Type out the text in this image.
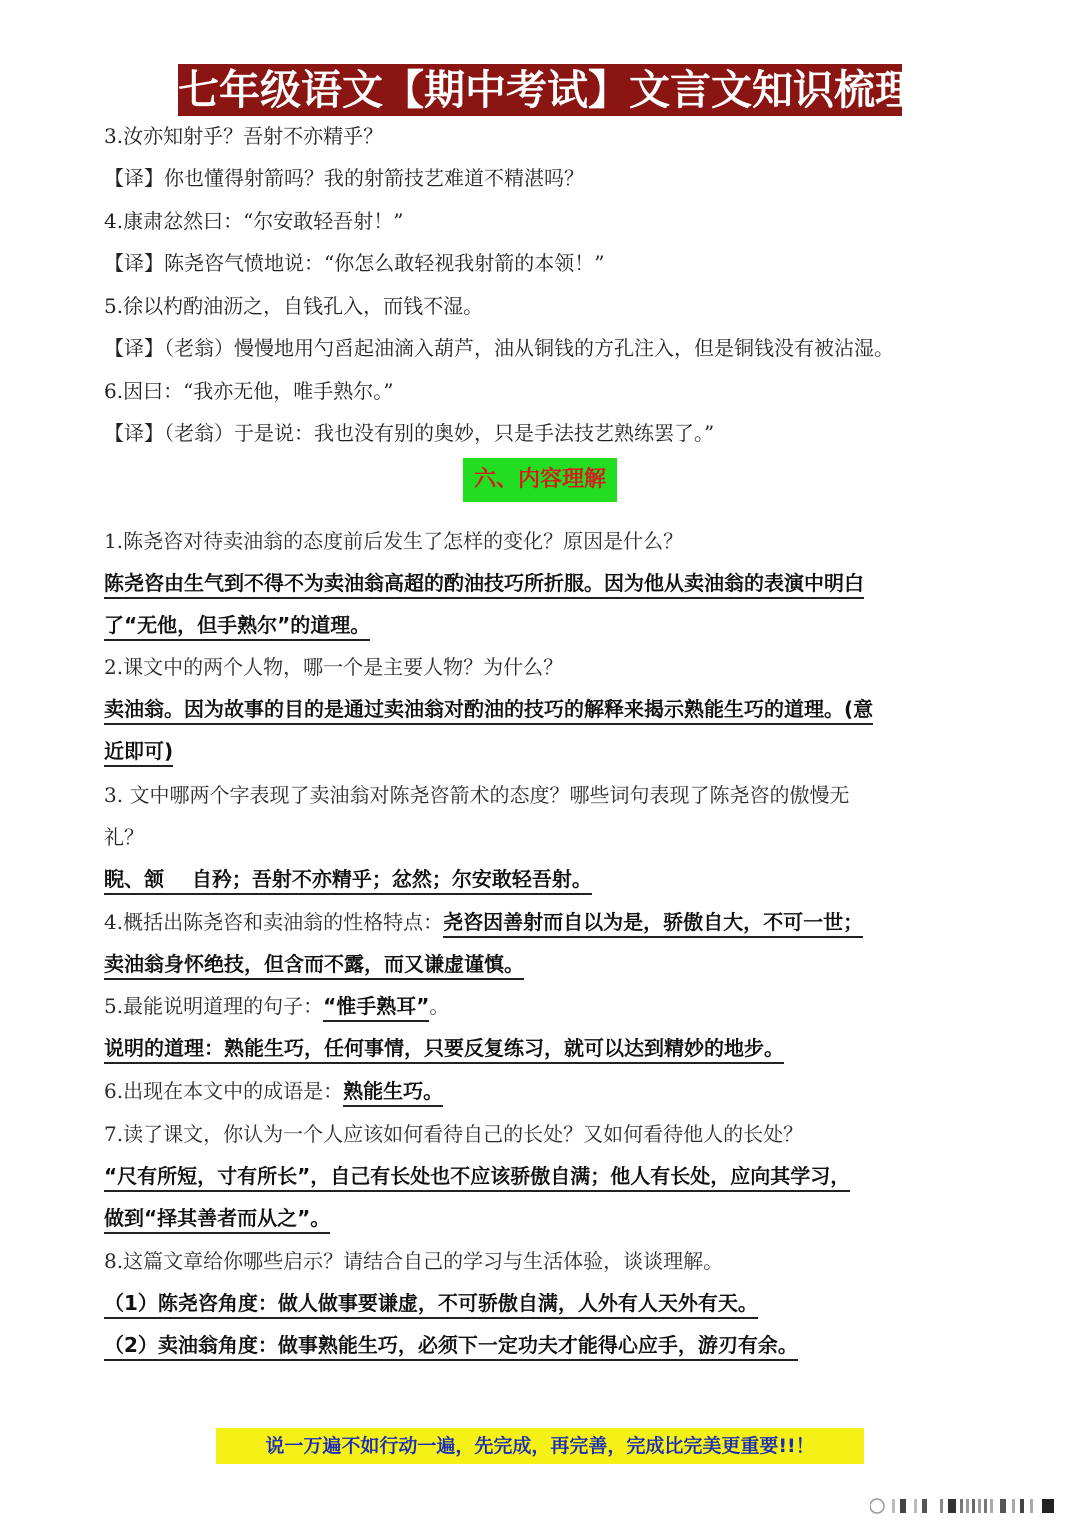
七年级语文【期中考试】文言文知识梳理
3.汝亦知射乎？吾射不亦精乎？
【译】你也懂得射箭吗？我的射箭技艺难道不精湛吗？
4.康肃忿然曰：“尔安敢轻吾射！”
【译】陈尧咨气愤地说：“你怎么敢轻视我射箭的本领！”
5.徐以杓酌油沥之，自钱孔入，而钱不湿。
【译】（老翁）慢慢地用勺舀起油滴入葫芦，油从铜钱的方孔注入，但是铜钱没有被沾湿。
6.因曰：“我亦无他，唯手熟尔。”
【译】（老翁）于是说：我也没有别的奥妙，只是手法技艺熟练罢了。”
六、内容理解
1.陈尧咨对待卖油翁的态度前后发生了怎样的变化？原因是什么？
陈尧咨由生气到不得不为卖油翁高超的酌油技巧所折服。因为他从卖油翁的表演中明白
了“无他，但手熟尔”的道理。
2.课文中的两个人物，哪一个是主要人物？为什么？
卖油翁。因为故事的目的是通过卖油翁对酌油的技巧的解释来揭示熟能生巧的道理。(意
近即可)
3. 文中哪两个字表现了卖油翁对陈尧咨箭术的态度？哪些词句表现了陈尧咨的傲慢无
礼？
睨、颔    自矜；吾射不亦精乎；忿然；尔安敢轻吾射。
4.概括出陈尧咨和卖油翁的性格特点：尧咨因善射而自以为是，骄傲自大，不可一世；
卖油翁身怀绝技，但含而不露，而又谦虚谨慎。
5.最能说明道理的句子：“惟手熟耳”。
说明的道理：熟能生巧，任何事情，只要反复练习，就可以达到精妙的地步。
6.出现在本文中的成语是：熟能生巧。
7.读了课文，你认为一个人应该如何看待自己的长处？又如何看待他人的长处？
“尺有所短，寸有所长”，自己有长处也不应该骄傲自满；他人有长处，应向其学习，
做到“择其善者而从之”。
8.这篇文章给你哪些启示？请结合自己的学习与生活体验，谈谈理解。
（1）陈尧咨角度：做人做事要谦虚，不可骄傲自满，人外有人天外有天。
（2）卖油翁角度：做事熟能生巧，必须下一定功夫才能得心应手，游刃有余。
说一万遍不如行动一遍，先完成，再完善，完成比完美更重要!!！
